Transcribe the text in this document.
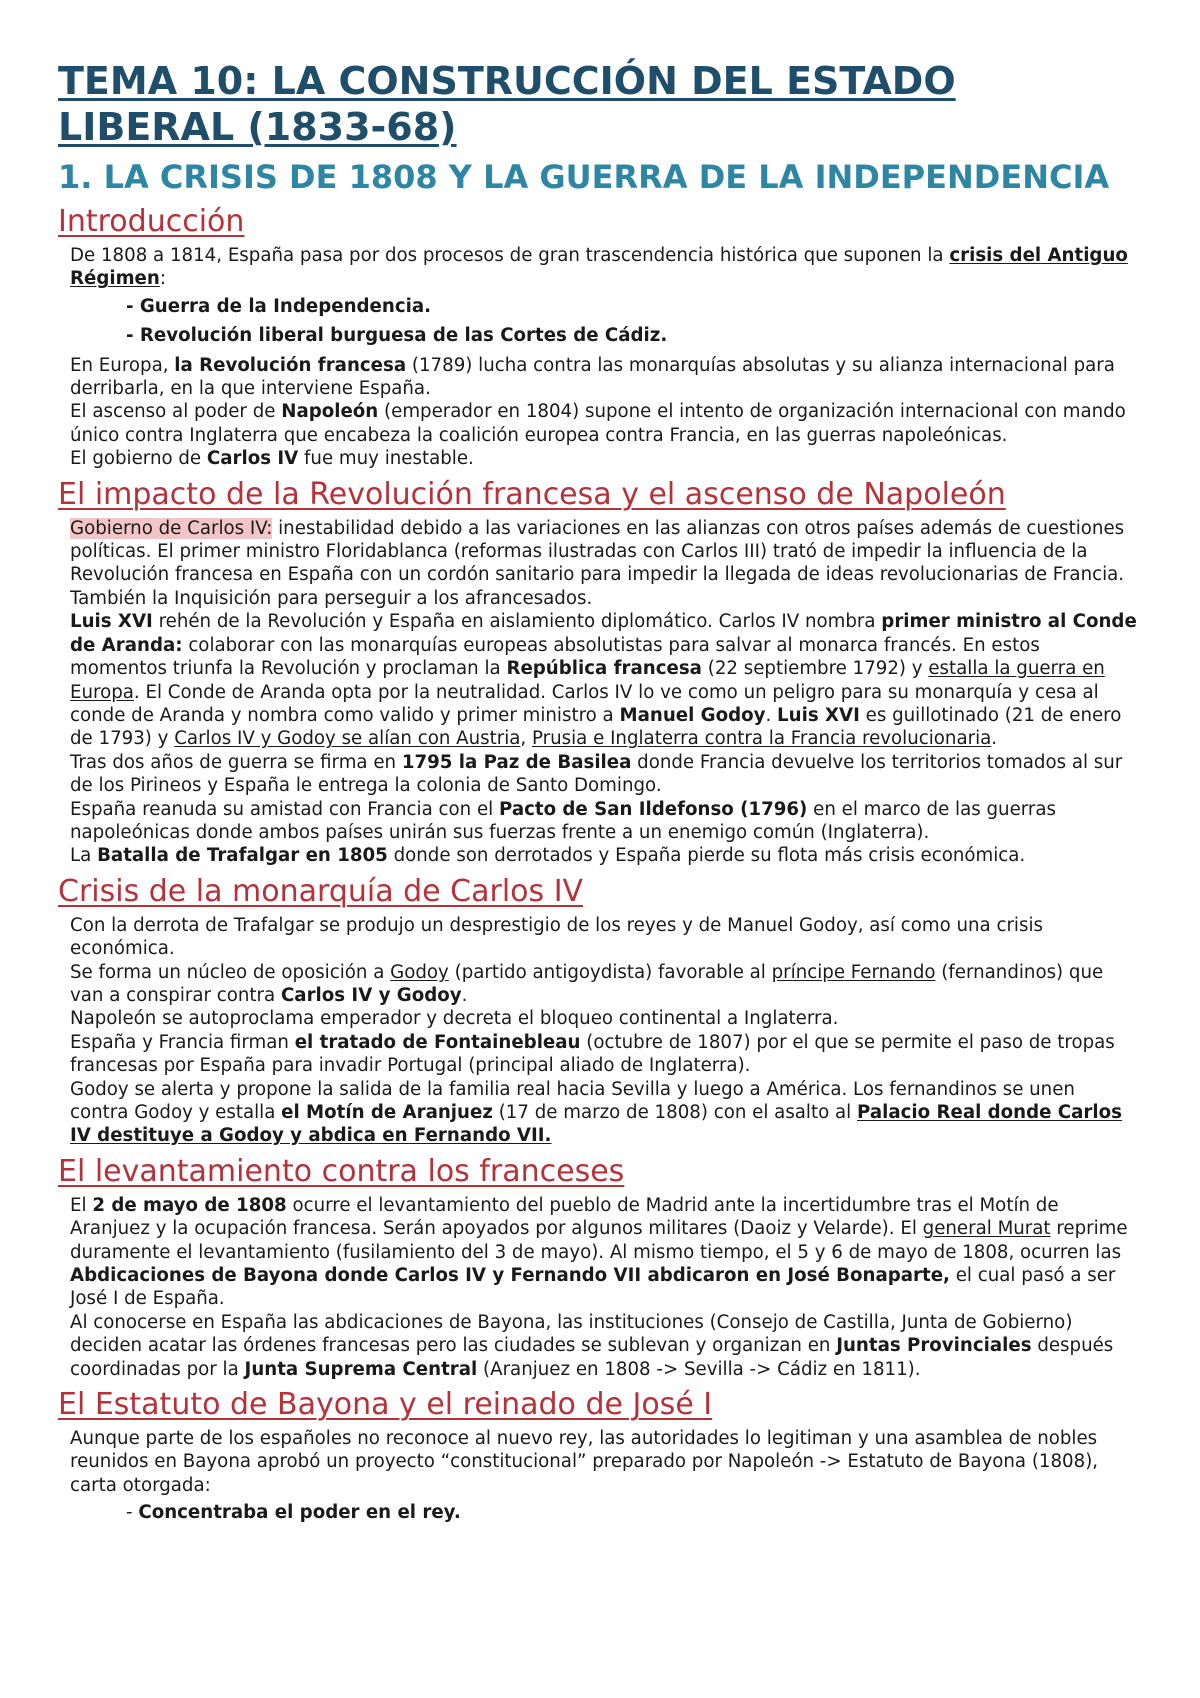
TEMA 10: LA CONSTRUCCIÓN DEL ESTADO LIBERAL (1833-68)
1. LA CRISIS DE 1808 Y LA GUERRA DE LA INDEPENDENCIA
Introducción

De 1808 a 1814, España pasa por dos procesos de gran trascendencia histórica que suponen la crisis del Antiguo Régimen:

- Guerra de la Independencia.

- Revolución liberal burguesa de las Cortes de Cádiz.

En Europa, la Revolución francesa (1789) lucha contra las monarquías absolutas y su alianza internacional para derribarla, en la que interviene España.

El ascenso al poder de Napoleón (emperador en 1804) supone el intento de organización internacional con mando único contra Inglaterra que encabeza la coalición europea contra Francia, en las guerras napoleónicas.

El gobierno de Carlos IV fue muy inestable.

El impacto de la Revolución francesa y el ascenso de Napoleón

Gobierno de Carlos IV: inestabilidad debido a las variaciones en las alianzas con otros países además de cuestiones políticas. El primer ministro Floridablanca (reformas ilustradas con Carlos III) trató de impedir la influencia de la Revolución francesa en España con un cordón sanitario para impedir la llegada de ideas revolucionarias de Francia. También la Inquisición para perseguir a los afrancesados.

Luis XVI rehén de la Revolución y España en aislamiento diplomático. Carlos IV nombra primer ministro al Conde de Aranda: colaborar con las monarquías europeas absolutistas para salvar al monarca francés. En estos momentos triunfa la Revolución y proclaman la República francesa (22 septiembre 1792) y estalla la guerra en Europa. El Conde de Aranda opta por la neutralidad. Carlos IV lo ve como un peligro para su monarquía y cesa al conde de Aranda y nombra como valido y primer ministro a Manuel Godoy. Luis XVI es guillotinado (21 de enero de 1793) y Carlos IV y Godoy se alían con Austria, Prusia e Inglaterra contra la Francia revolucionaria.

Tras dos años de guerra se firma en 1795 la Paz de Basilea donde Francia devuelve los territorios tomados al sur de los Pirineos y España le entrega la colonia de Santo Domingo.

España reanuda su amistad con Francia con el Pacto de San Ildefonso (1796) en el marco de las guerras napoleónicas donde ambos países unirán sus fuerzas frente a un enemigo común (Inglaterra).

La Batalla de Trafalgar en 1805 donde son derrotados y España pierde su flota más crisis económica.

Crisis de la monarquía de Carlos IV

Con la derrota de Trafalgar se produjo un desprestigio de los reyes y de Manuel Godoy, así como una crisis económica.

Se forma un núcleo de oposición a Godoy (partido antigoydista) favorable al príncipe Fernando (fernandinos) que van a conspirar contra Carlos IV y Godoy.

Napoleón se autoproclama emperador y decreta el bloqueo continental a Inglaterra.

España y Francia firman el tratado de Fontainebleau (octubre de 1807) por el que se permite el paso de tropas francesas por España para invadir Portugal (principal aliado de Inglaterra).

Godoy se alerta y propone la salida de la familia real hacia Sevilla y luego a América. Los fernandinos se unen contra Godoy y estalla el Motín de Aranjuez (17 de marzo de 1808) con el asalto al Palacio Real donde Carlos IV destituye a Godoy y abdica en Fernando VII.

El levantamiento contra los franceses

El 2 de mayo de 1808 ocurre el levantamiento del pueblo de Madrid ante la incertidumbre tras el Motín de Aranjuez y la ocupación francesa. Serán apoyados por algunos militares (Daoiz y Velarde). El general Murat reprime duramente el levantamiento (fusilamiento del 3 de mayo). Al mismo tiempo, el 5 y 6 de mayo de 1808, ocurren las Abdicaciones de Bayona donde Carlos IV y Fernando VII abdicaron en José Bonaparte, el cual pasó a ser José I de España.

Al conocerse en España las abdicaciones de Bayona, las instituciones (Consejo de Castilla, Junta de Gobierno) deciden acatar las órdenes francesas pero las ciudades se sublevan y organizan en Juntas Provinciales después coordinadas por la Junta Suprema Central (Aranjuez en 1808 -> Sevilla -> Cádiz en 1811).

El Estatuto de Bayona y el reinado de José I

Aunque parte de los españoles no reconoce al nuevo rey, las autoridades lo legitiman y una asamblea de nobles reunidos en Bayona aprobó un proyecto “constitucional” preparado por Napoleón -> Estatuto de Bayona (1808), carta otorgada:

- Concentraba el poder en el rey.
